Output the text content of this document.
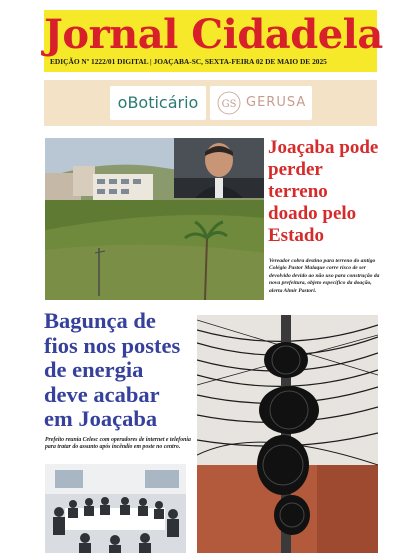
Jornal Cidadela
EDIÇÃO Nº 1222/01 DIGITAL | JOAÇABA-SC, SEXTA-FEIRA 02 DE MAIO DE 2025
oBoticário	GS GERUSA
Joaçaba pode perder terreno doado pelo Estado
Vereador cobra destino para terreno do antigo Colégio Pastor Malaque corre risco de ser devolvido devido ao não uso para construção da nova prefeitura, objeto específico da doação, alerta Almir Pastori.
Bagunça de fios nos postes de energia deve acabar em Joaçaba
Prefeito reunia Celesc com operadores de internet e telefonia para tratar do assunto após incêndio em poste no centro.
